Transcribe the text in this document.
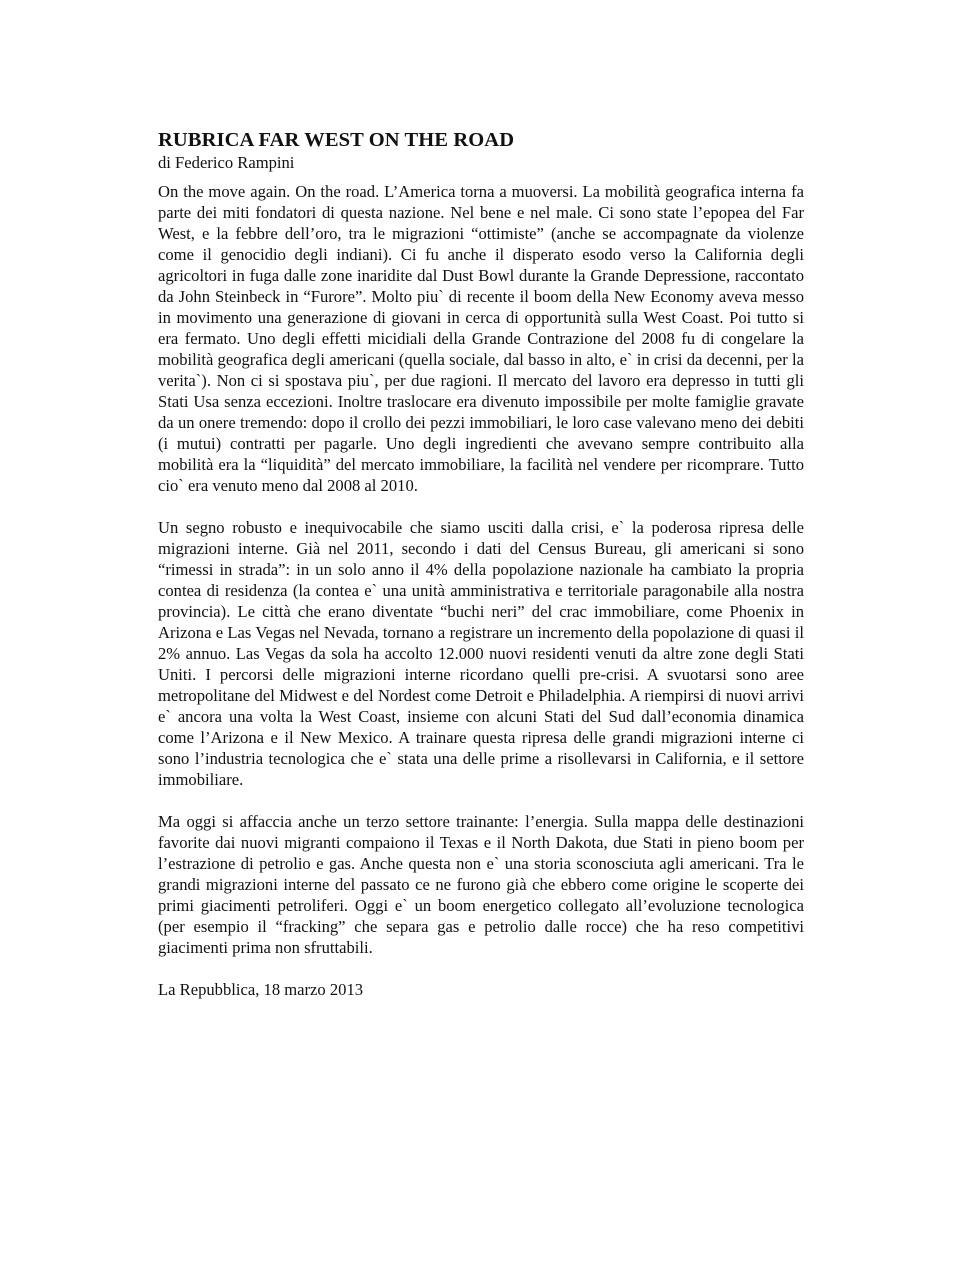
RUBRICA FAR WEST ON THE ROAD
di Federico Rampini

On the move again. On the road. L’America torna a muoversi. La mobilità geografica interna fa parte dei miti fondatori di questa nazione. Nel bene e nel male. Ci sono state l’epopea del Far West, e la febbre dell’oro, tra le migrazioni “ottimiste” (anche se accompagnate da violenze come il genocidio degli indiani). Ci fu anche il disperato esodo verso la California degli agricoltori in fuga dalle zone inaridite dal Dust Bowl durante la Grande Depressione, raccontato da John Steinbeck in “Furore”. Molto piu` di recente il boom della New Economy aveva messo in movimento una generazione di giovani in cerca di opportunità sulla West Coast. Poi tutto si era fermato. Uno degli effetti micidiali della Grande Contrazione del 2008 fu di congelare la mobilità geografica degli americani (quella sociale, dal basso in alto, e` in crisi da decenni, per la verita`). Non ci si spostava piu`, per due ragioni. Il mercato del lavoro era depresso in tutti gli Stati Usa senza eccezioni. Inoltre traslocare era divenuto impossibile per molte famiglie gravate da un onere tremendo: dopo il crollo dei pezzi immobiliari, le loro case valevano meno dei debiti (i mutui) contratti per pagarle. Uno degli ingredienti che avevano sempre contribuito alla mobilità era la “liquidità” del mercato immobiliare, la facilità nel vendere per ricomprare. Tutto cio` era venuto meno dal 2008 al 2010.

Un segno robusto e inequivocabile che siamo usciti dalla crisi, e` la poderosa ripresa delle migrazioni interne. Già nel 2011, secondo i dati del Census Bureau, gli americani si sono “rimessi in strada”: in un solo anno il 4% della popolazione nazionale ha cambiato la propria contea di residenza (la contea e` una unità amministrativa e territoriale paragonabile alla nostra provincia). Le città che erano diventate “buchi neri” del crac immobiliare, come Phoenix in Arizona e Las Vegas nel Nevada, tornano a registrare un incremento della popolazione di quasi il 2% annuo. Las Vegas da sola ha accolto 12.000 nuovi residenti venuti da altre zone degli Stati Uniti. I percorsi delle migrazioni interne ricordano quelli pre-crisi. A svuotarsi sono aree metropolitane del Midwest e del Nordest come Detroit e Philadelphia. A riempirsi di nuovi arrivi e` ancora una volta la West Coast, insieme con alcuni Stati del Sud dall’economia dinamica come l’Arizona e il New Mexico. A trainare questa ripresa delle grandi migrazioni interne ci sono l’industria tecnologica che e` stata una delle prime a risollevarsi in California, e il settore immobiliare.

Ma oggi si affaccia anche un terzo settore trainante: l’energia. Sulla mappa delle destinazioni favorite dai nuovi migranti compaiono il Texas e il North Dakota, due Stati in pieno boom per l’estrazione di petrolio e gas. Anche questa non e` una storia sconosciuta agli americani. Tra le grandi migrazioni interne del passato ce ne furono già che ebbero come origine le scoperte dei primi giacimenti petroliferi. Oggi e` un boom energetico collegato all’evoluzione tecnologica (per esempio il “fracking” che separa gas e petrolio dalle rocce) che ha reso competitivi giacimenti prima non sfruttabili.

La Repubblica, 18 marzo 2013
